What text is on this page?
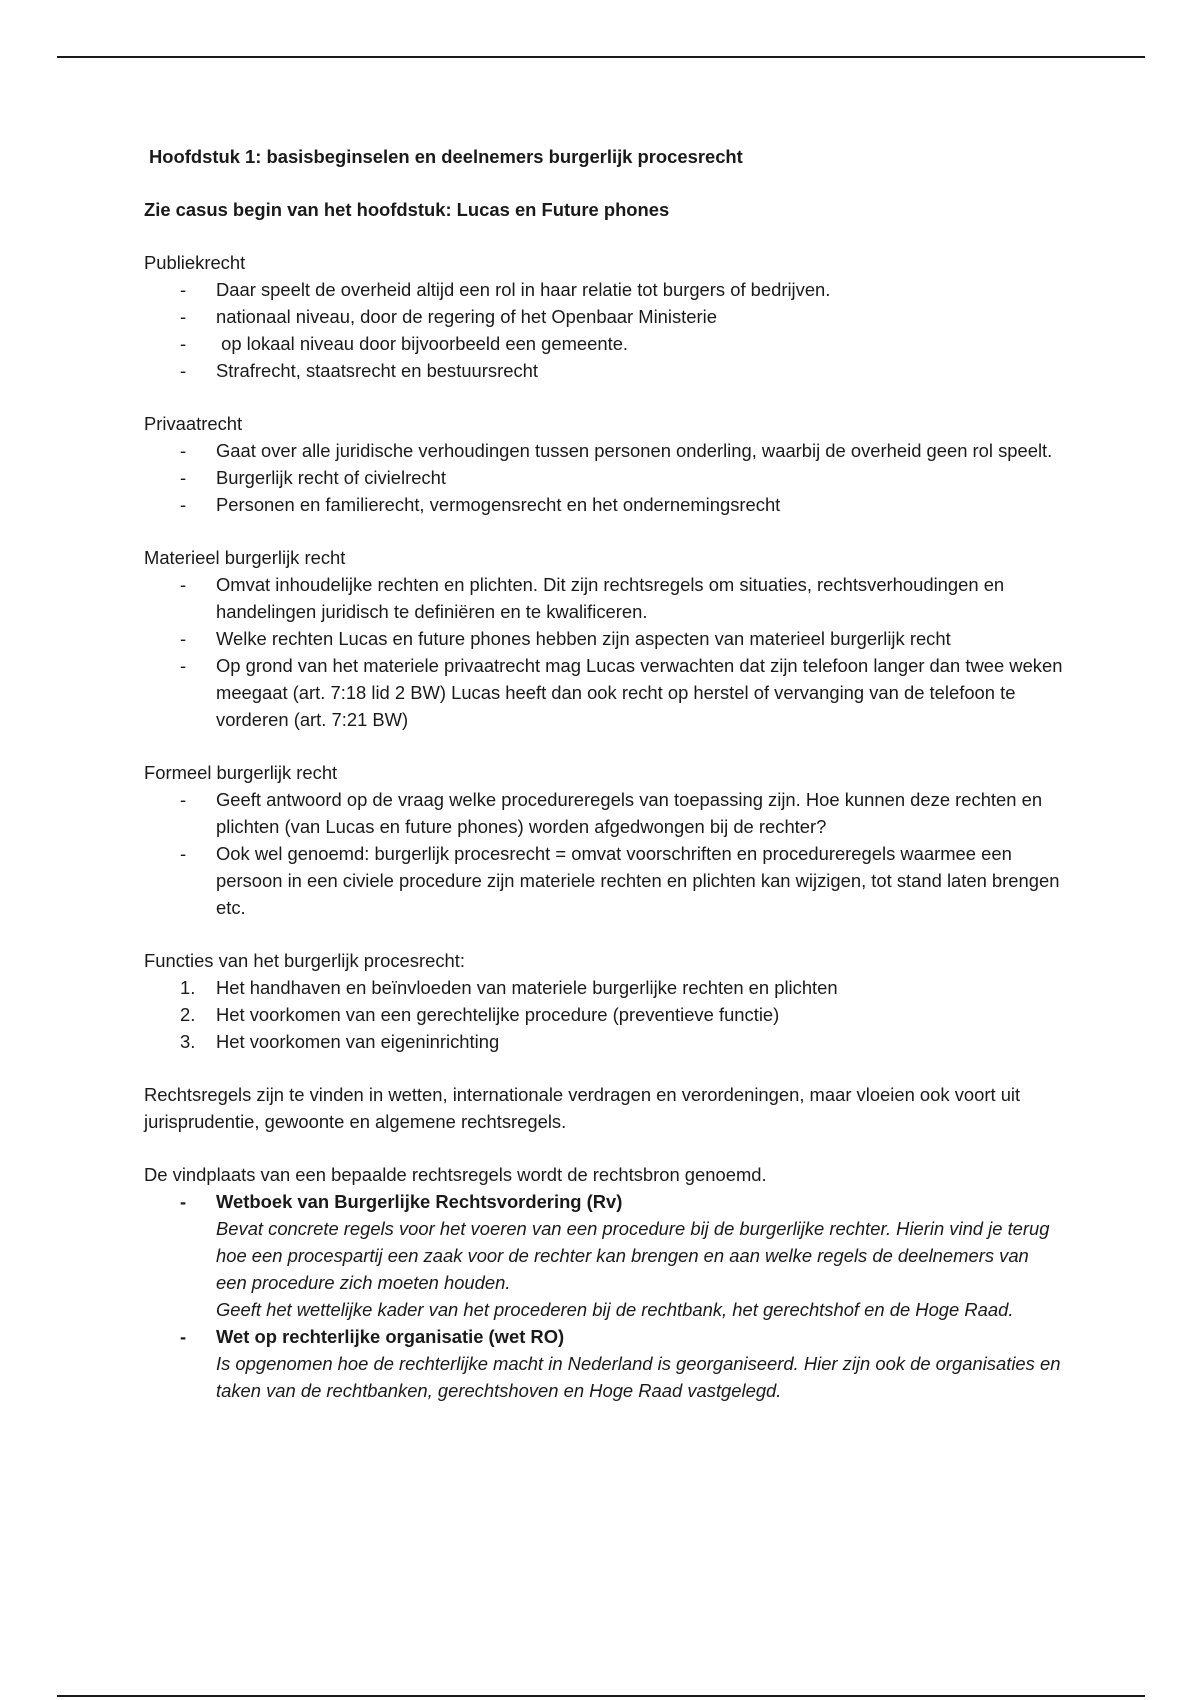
Hoofdstuk 1: basisbeginselen en deelnemers burgerlijk procesrecht

Zie casus begin van het hoofdstuk: Lucas en Future phones

Publiekrecht

- Daar speelt de overheid altijd een rol in haar relatie tot burgers of bedrijven.
- nationaal niveau, door de regering of het Openbaar Ministerie
- op lokaal niveau door bijvoorbeeld een gemeente.
- Strafrecht, staatsrecht en bestuursrecht

Privaatrecht

- Gaat over alle juridische verhoudingen tussen personen onderling, waarbij de overheid geen rol speelt.
- Burgerlijk recht of civielrecht
- Personen en familierecht, vermogensrecht en het ondernemingsrecht

Materieel burgerlijk recht

- Omvat inhoudelijke rechten en plichten. Dit zijn rechtsregels om situaties, rechtsverhoudingen en handelingen juridisch te definiëren en te kwalificeren.
- Welke rechten Lucas en future phones hebben zijn aspecten van materieel burgerlijk recht
- Op grond van het materiele privaatrecht mag Lucas verwachten dat zijn telefoon langer dan twee weken meegaat (art. 7:18 lid 2 BW) Lucas heeft dan ook recht op herstel of vervanging van de telefoon te vorderen (art. 7:21 BW)

Formeel burgerlijk recht

- Geeft antwoord op de vraag welke procedureregels van toepassing zijn. Hoe kunnen deze rechten en plichten (van Lucas en future phones) worden afgedwongen bij de rechter?
- Ook wel genoemd: burgerlijk procesrecht = omvat voorschriften en procedureregels waarmee een persoon in een civiele procedure zijn materiele rechten en plichten kan wijzigen, tot stand laten brengen etc.

Functies van het burgerlijk procesrecht:

1. Het handhaven en beïnvloeden van materiele burgerlijke rechten en plichten
2. Het voorkomen van een gerechtelijke procedure (preventieve functie)
3. Het voorkomen van eigeninrichting

Rechtsregels zijn te vinden in wetten, internationale verdragen en verordeningen, maar vloeien ook voort uit jurisprudentie, gewoonte en algemene rechtsregels.

De vindplaats van een bepaalde rechtsregels wordt de rechtsbron genoemd.

- Wetboek van Burgerlijke Rechtsvordering (Rv)
Bevat concrete regels voor het voeren van een procedure bij de burgerlijke rechter. Hierin vind je terug hoe een procespartij een zaak voor de rechter kan brengen en aan welke regels de deelnemers van een procedure zich moeten houden.
Geeft het wettelijke kader van het procederen bij de rechtbank, het gerechtshof en de Hoge Raad.
- Wet op rechterlijke organisatie (wet RO)
Is opgenomen hoe de rechterlijke macht in Nederland is georganiseerd. Hier zijn ook de organisaties en taken van de rechtbanken, gerechtshoven en Hoge Raad vastgelegd.
